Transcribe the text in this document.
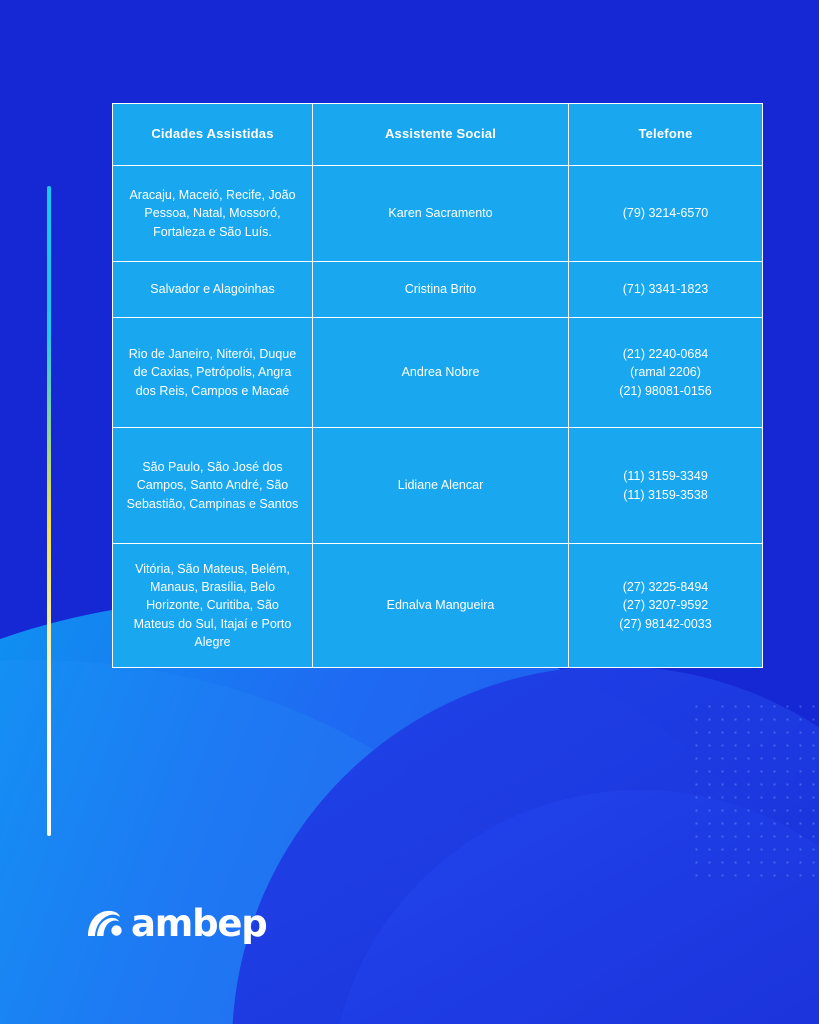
Cidades Assistidas	Assistente Social	Telefone
Aracaju, Maceió, Recife, João Pessoa, Natal, Mossoró, Fortaleza e São Luís.	Karen Sacramento	(79) 3214-6570

Salvador e Alagoinhas	Cristina Brito	(71) 3341-1823

Rio de Janeiro, Niterói, Duque de Caxias, Petrópolis, Angra dos Reis, Campos e Macaé	Andrea Nobre	(21) 2240-0684
(ramal 2206)
(21) 98081-0156

São Paulo, São José dos Campos, Santo André, São Sebastião, Campinas e Santos	Lidiane Alencar	(11) 3159-3349
(11) 3159-3538

Vitória, São Mateus, Belém, Manaus, Brasília, Belo Horizonte, Curitiba, São Mateus do Sul, Itajaí e Porto Alegre	Ednalva Mangueira	(27) 3225-8494
(27) 3207-9592
(27) 98142-0033
ambep
